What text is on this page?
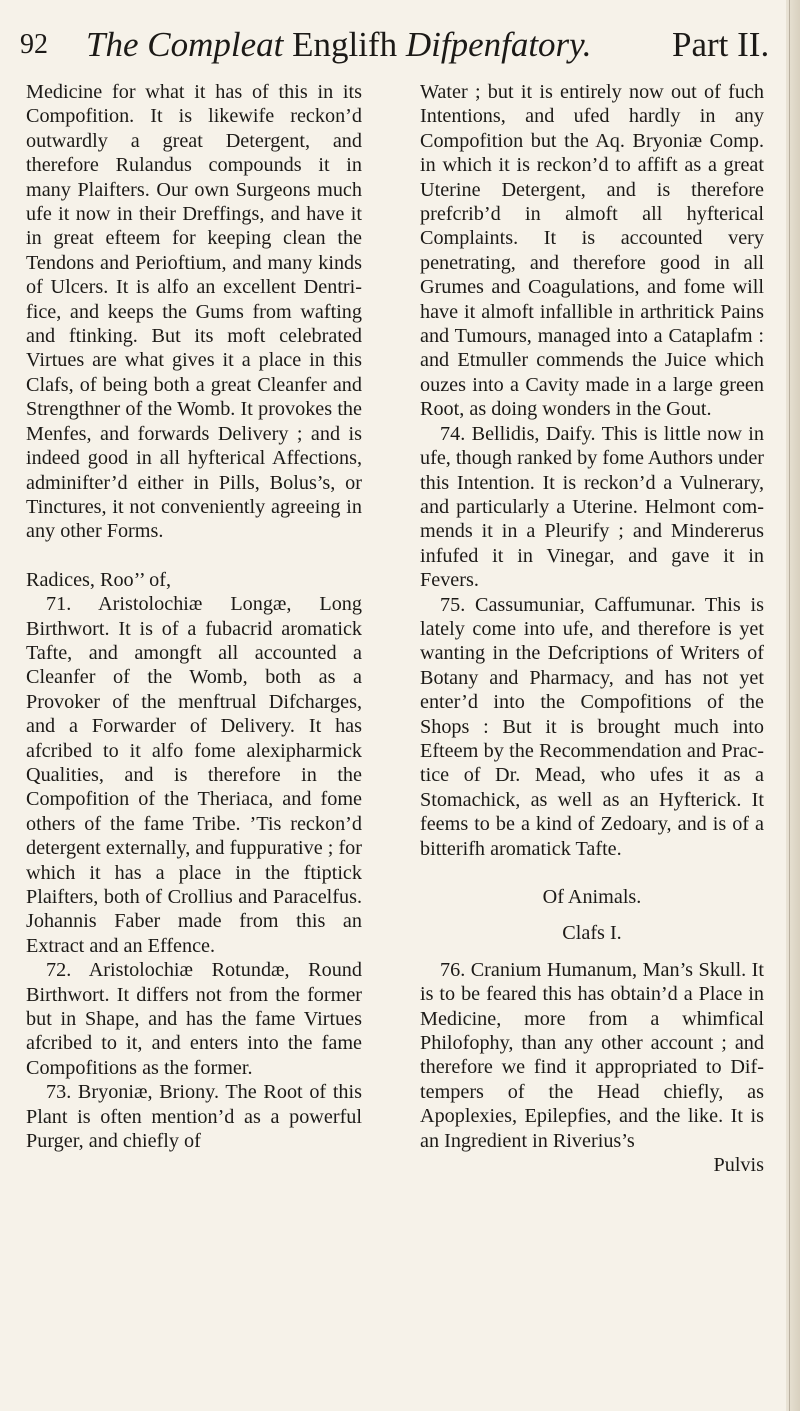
92 The Compleat Englifh Difpenfatory. Part II.

Medicine for what it has of this in its Compofition. It is likewife reckon’d outwardly a great Detergent, and therefore Rulandus compounds it in many Plaifters. Our own Surgeons much ufe it now in their Dreffings, and have it in great efteem for keeping clean the Tendons and Perioftium, and many kinds of Ulcers. It is alfo an excellent Dentrifice, and keeps the Gums from wafting and ftinking. But its moft celebrated Virtues are what gives it a place in this Clafs, of being both a great Cleanfer and Strengthner of the Womb. It provokes the Menfes, and forwards Delivery ; and is indeed good in all hyfterical Affections, adminifter’d either in Pills, Bolus’s, or Tinctures, it not conveniently agreeing in any other Forms.

Radices, Roo’’ of,

71. Aristolochiæ Longæ, Long Birthwort. It is of a fubacrid aromatick Tafte, and amongft all accounted a Cleanfer of the Womb, both as a Provoker of the menftrual Difcharges, and a Forwarder of Delivery. It has afcribed to it alfo fome alexipharmick Qualities, and is therefore in the Compofition of the Theriaca, and fome others of the fame Tribe. ’Tis reckon’d detergent externally, and fuppurative ; for which it has a place in the ftiptick Plaifters, both of Crollius and Paracelfus. Johannis Faber made from this an Extract and an Effence.

72. Aristolochiæ Rotundæ, Round Birthwort. It differs not from the former but in Shape, and has the fame Virtues afcribed to it, and enters into the fame Compofitions as the former.

73. Bryoniæ, Briony. The Root of this Plant is often mention’d as a powerful Purger, and chiefly of

Water ; but it is entirely now out of fuch Intentions, and ufed hardly in any Compofition but the Aq. Bryoniæ Comp. in which it is reckon’d to affift as a great Uterine Detergent, and is therefore prefcrib’d in almoft all hyfterical Complaints. It is accounted very penetrating, and therefore good in all Grumes and Coagulations, and fome will have it almoft infallible in arthritick Pains and Tumours, managed into a Cataplafm : and Etmuller commends the Juice which ouzes into a Cavity made in a large green Root, as doing wonders in the Gout.

74. Bellidis, Daify. This is little now in ufe, though ranked by fome Authors under this Intention. It is reckon’d a Vulnerary, and particularly a Uterine. Helmont commends it in a Pleurify ; and Mindererus infufed it in Vinegar, and gave it in Fevers.

75. Cassumuniar, Caffumunar. This is lately come into ufe, and therefore is yet wanting in the Defcriptions of Writers of Botany and Pharmacy, and has not yet enter’d into the Compofitions of the Shops : But it is brought much into Efteem by the Recommendation and Practice of Dr. Mead, who ufes it as a Stomachick, as well as an Hyfterick. It feems to be a kind of Zedoary, and is of a bitterifh aromatick Tafte.

Of Animals.

Clafs I.

76. Cranium Humanum, Man’s Skull. It is to be feared this has obtain’d a Place in Medicine, more from a whimfical Philofophy, than any other account ; and therefore we find it appropriated to Diftempers of the Head chiefly, as Apoplexies, Epilepfies, and the like. It is an Ingredient in Riverius’s

Pulvis
